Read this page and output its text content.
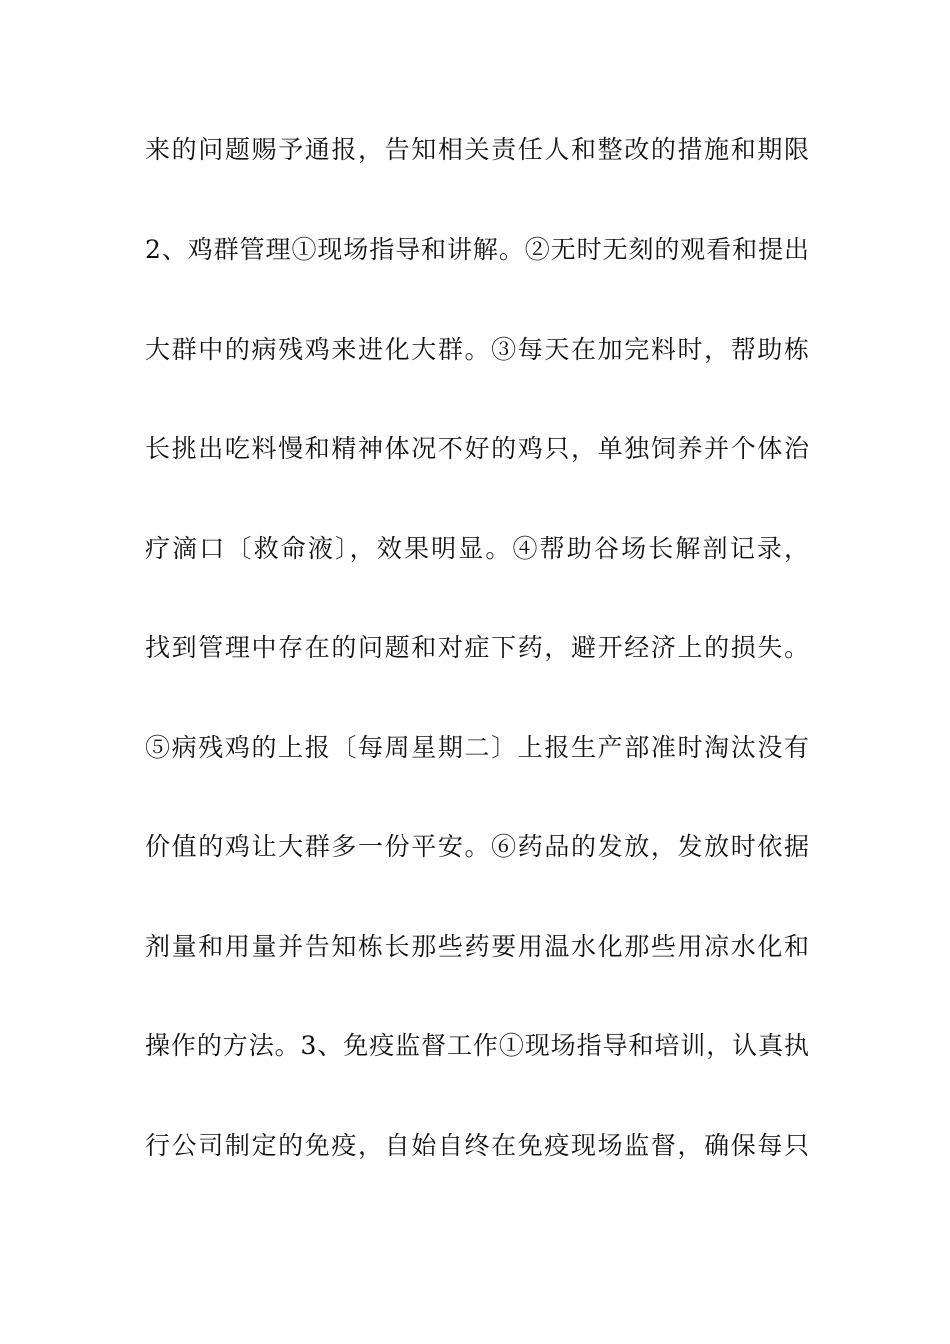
来的问题赐予通报，告知相关责任人和整改的措施和期限
2、鸡群管理①现场指导和讲解。②无时无刻的观看和提出
大群中的病残鸡来进化大群。③每天在加完料时，帮助栋
长挑出吃料慢和精神体况不好的鸡只，单独饲养并个体治
疗滴口〔救命液〕，效果明显。④帮助谷场长解剖记录，
找到管理中存在的问题和对症下药，避开经济上的损失。
⑤病残鸡的上报〔每周星期二〕上报生产部准时淘汰没有
价值的鸡让大群多一份平安。⑥药品的发放，发放时依据
剂量和用量并告知栋长那些药要用温水化那些用凉水化和
操作的方法。3、免疫监督工作①现场指导和培训，认真执
行公司制定的免疫，自始自终在免疫现场监督，确保每只
